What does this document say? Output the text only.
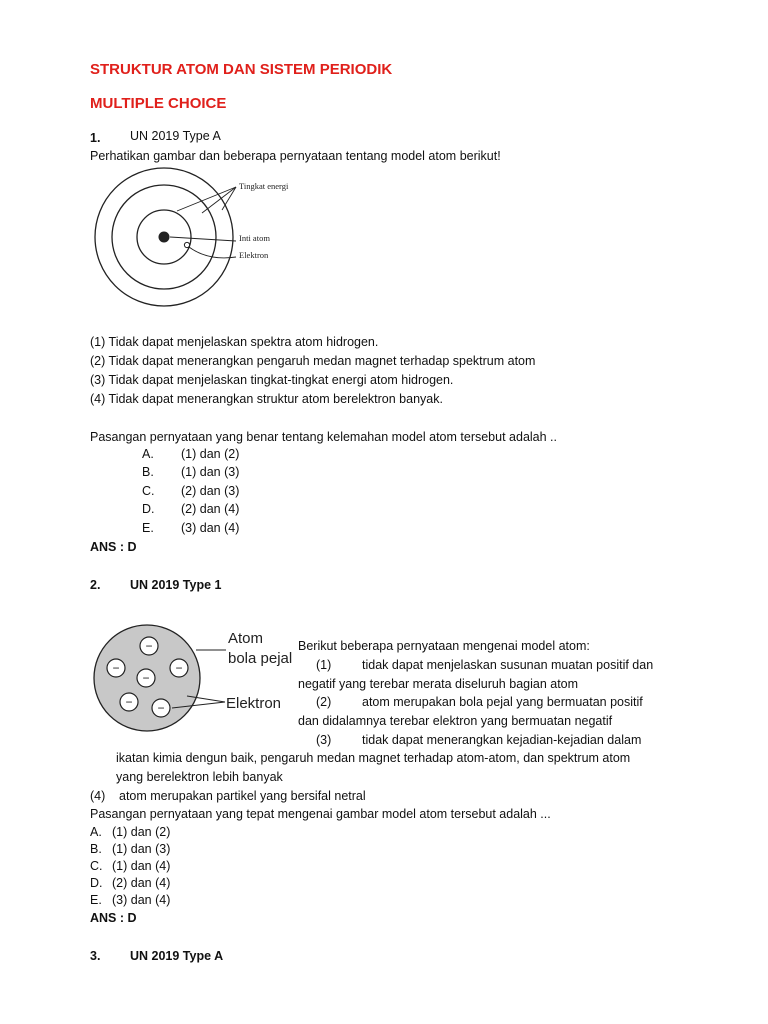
STRUKTUR ATOM DAN SISTEM PERIODIK
MULTIPLE CHOICE
1. UN 2019 Type A
Perhatikan gambar dan beberapa pernyataan tentang model atom berikut!
Tingkat energi
Inti atom
Elektron
(1) Tidak dapat menjelaskan spektra atom hidrogen.
(2) Tidak dapat menerangkan pengaruh medan magnet terhadap spektrum atom
(3) Tidak dapat menjelaskan tingkat-tingkat energi atom hidrogen.
(4) Tidak dapat menerangkan struktur atom berelektron banyak.
Pasangan pernyataan yang benar tentang kelemahan model atom tersebut adalah ..
A. (1) dan (2)
B. (1) dan (3)
C. (2) dan (3)
D. (2) dan (4)
E. (3) dan (4)
ANS : D
2. UN 2019 Type 1
−
−	−
−
− −
Atom
bola pejal
Elektron
Berikut beberapa pernyataan mengenai model atom:
(1) tidak dapat menjelaskan susunan muatan positif dan
negatif yang terebar merata diseluruh bagian atom
(2) atom merupakan bola pejal yang bermuatan positif
dan didalamnya terebar elektron yang bermuatan negatif
(3) tidak dapat menerangkan kejadian-kejadian dalam
ikatan kimia dengun baik, pengaruh medan magnet terhadap atom-atom, dan spektrum atom
yang berelektron lebih banyak
(4) atom merupakan partikel yang bersifal netral
Pasangan pernyataan yang tepat mengenai gambar model atom tersebut adalah ...
A. (1) dan (2)
B. (1) dan (3)
C. (1) dan (4)
D. (2) dan (4)
E. (3) dan (4)
ANS : D
3. UN 2019 Type A
